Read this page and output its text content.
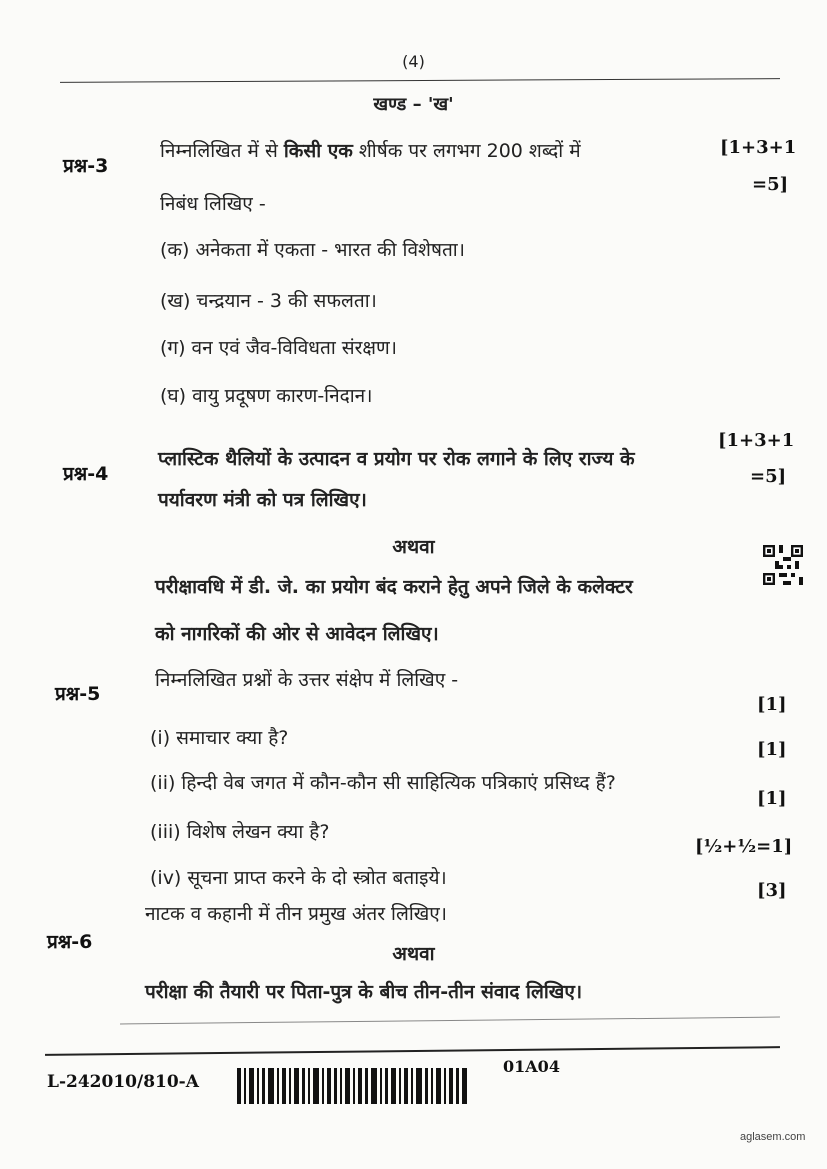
(4)
खण्ड – 'ख'
प्रश्न-3
निम्नलिखित में से किसी एक शीर्षक पर लगभग 200 शब्दों में
निबंध लिखिए -
[1+3+1
=5]
(क) अनेकता में एकता - भारत की विशेषता।
(ख) चन्द्रयान - 3 की सफलता।
(ग) वन एवं जैव-विविधता संरक्षण।
(घ) वायु प्रदूषण कारण-निदान।
प्रश्न-4
प्लास्टिक थैलियों के उत्पादन व प्रयोग पर रोक लगाने के लिए राज्य के
पर्यावरण मंत्री को पत्र लिखिए।
[1+3+1
=5]
अथवा
परीक्षावधि में डी. जे. का प्रयोग बंद कराने हेतु अपने जिले के कलेक्टर
को नागरिकों की ओर से आवेदन लिखिए।
प्रश्न-5
निम्नलिखित प्रश्नों के उत्तर संक्षेप में लिखिए -
(i) समाचार क्या है?
[1]
(ii) हिन्दी वेब जगत में कौन-कौन सी साहित्यिक पत्रिकाएं प्रसिध्द हैं?
[1]
(iii) विशेष लेखन क्या है?
[1]
(iv) सूचना प्राप्त करने के दो स्त्रोत बताइये।
[½+½=1]
प्रश्न-6
नाटक व कहानी में तीन प्रमुख अंतर लिखिए।
[3]
अथवा
परीक्षा की तैयारी पर पिता-पुत्र के बीच तीन-तीन संवाद लिखिए।
L-242010/810-A
01A04
aglasem.com
